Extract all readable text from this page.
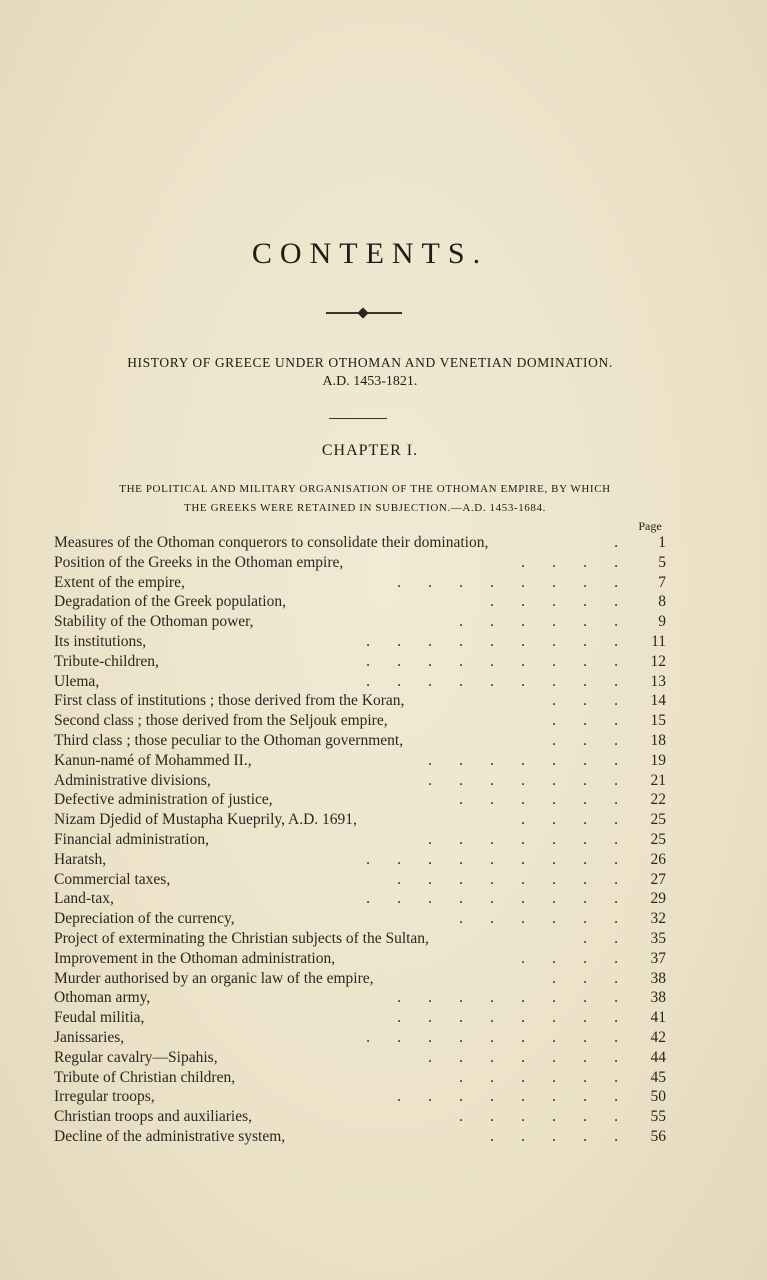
CONTENTS.
HISTORY OF GREECE UNDER OTHOMAN AND VENETIAN DOMINATION.
A.D. 1453-1821.
CHAPTER I.
THE POLITICAL AND MILITARY ORGANISATION OF THE OTHOMAN EMPIRE, BY WHICH
THE GREEKS WERE RETAINED IN SUBJECTION.—A.D. 1453-1684.
Page
Measures of the Othoman conquerors to consolidate their domination,	.	1
Position of the Greeks in the Othoman empire,	.       .       .       .	5
Extent of the empire,	.       .       .       .       .       .       .       .	7
Degradation of the Greek population,	.       .       .       .       .	8
Stability of the Othoman power,	.       .       .       .       .       .	9
Its institutions,	.       .       .       .       .       .       .       .       .	11
Tribute-children,	.       .       .       .       .       .       .       .       .	12
Ulema,	.       .       .       .       .       .       .       .       .	13
First class of institutions ; those derived from the Koran,	.       .       .	14
Second class ; those derived from the Seljouk empire,	.       .       .	15
Third class ; those peculiar to the Othoman government,	.       .       .	18
Kanun-namé of Mohammed II.,	.       .       .       .       .       .       .	19
Administrative divisions,	.       .       .       .       .       .       .	21
Defective administration of justice,	.       .       .       .       .       .	22
Nizam Djedid of Mustapha Kueprily, A.D. 1691,	.       .       .       .	25
Financial administration,	.       .       .       .       .       .       .	25
Haratsh,	.       .       .       .       .       .       .       .       .	26
Commercial taxes,	.       .       .       .       .       .       .       .	27
Land-tax,	.       .       .       .       .       .       .       .       .	29
Depreciation of the currency,	.       .       .       .       .       .	32
Project of exterminating the Christian subjects of the Sultan,	.       .	35
Improvement in the Othoman administration,	.       .       .       .	37
Murder authorised by an organic law of the empire,	.       .       .	38
Othoman army,	.       .       .       .       .       .       .       .	38
Feudal militia,	.       .       .       .       .       .       .       .	41
Janissaries,	.       .       .       .       .       .       .       .       .	42
Regular cavalry—Sipahis,	.       .       .       .       .       .       .	44
Tribute of Christian children,	.       .       .       .       .       .	45
Irregular troops,	.       .       .       .       .       .       .       .	50
Christian troops and auxiliaries,	.       .       .       .       .       .	55
Decline of the administrative system,	.       .       .       .       .	56
